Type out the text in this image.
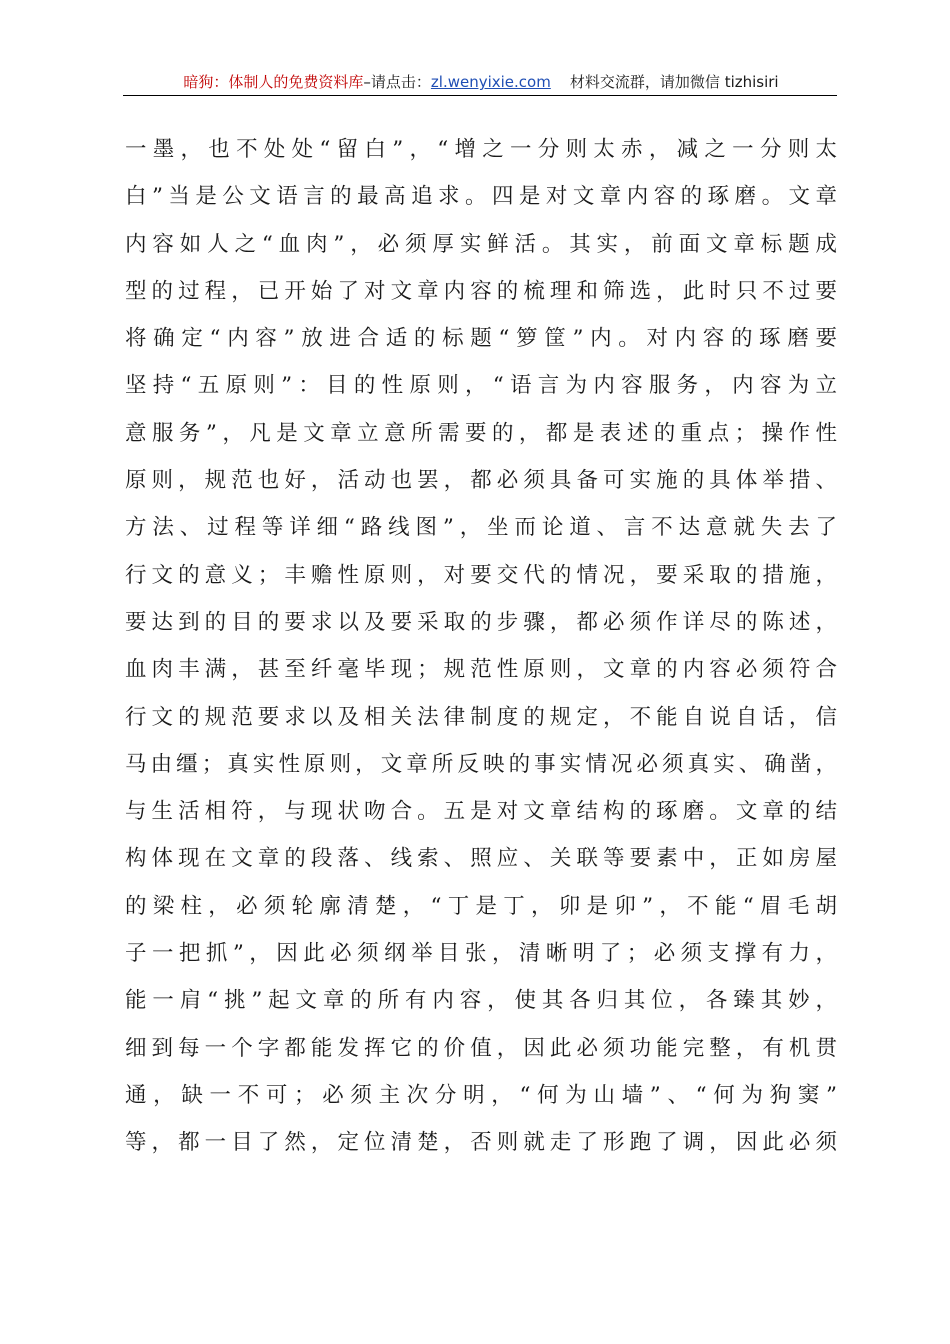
暗狗：体制人的免费资料库–请点击：zl.wenyixie.com 材料交流群，请加微信 tizhisiri
一墨，也不处处“留白”，“增之一分则太赤，减之一分则太
白”当是公文语言的最高追求。四是对文章内容的琢磨。文章
内容如人之“血肉”，必须厚实鲜活。其实，前面文章标题成
型的过程，已开始了对文章内容的梳理和筛选，此时只不过要
将确定“内容”放进合适的标题“箩筐”内。对内容的琢磨要
坚持“五原则”：目的性原则，“语言为内容服务，内容为立
意服务”，凡是文章立意所需要的，都是表述的重点；操作性
原则，规范也好，活动也罢，都必须具备可实施的具体举措、
方法、过程等详细“路线图”，坐而论道、言不达意就失去了
行文的意义；丰赡性原则，对要交代的情况，要采取的措施，
要达到的目的要求以及要采取的步骤，都必须作详尽的陈述，
血肉丰满，甚至纤毫毕现；规范性原则，文章的内容必须符合
行文的规范要求以及相关法律制度的规定，不能自说自话，信
马由缰；真实性原则，文章所反映的事实情况必须真实、确凿，
与生活相符，与现状吻合。五是对文章结构的琢磨。文章的结
构体现在文章的段落、线索、照应、关联等要素中，正如房屋
的梁柱，必须轮廓清楚，“丁是丁，卯是卯”，不能“眉毛胡
子一把抓”，因此必须纲举目张，清晰明了；必须支撑有力，
能一肩“挑”起文章的所有内容，使其各归其位，各臻其妙，
细到每一个字都能发挥它的价值，因此必须功能完整，有机贯
通，缺一不可；必须主次分明，“何为山墙”、“何为狗窦”
等，都一目了然，定位清楚，否则就走了形跑了调，因此必须
